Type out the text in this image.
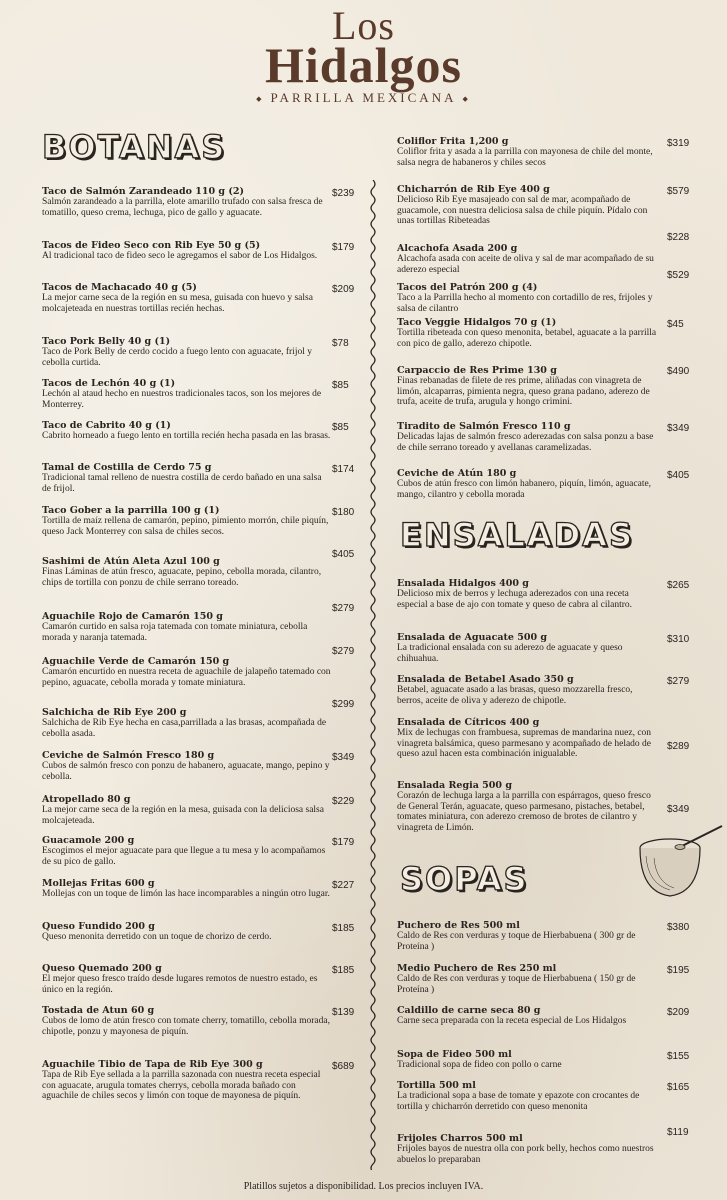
Los
Hidalgos
◆ PARRILLA MEXICANA ◆
BOTANAS
ENSALADAS
SOPAS
Taco de Salmón Zarandeado 110 g (2)
Salmón zarandeado a la parrilla, elote amarillo trufado con salsa fresca de tomatillo, queso crema, lechuga, pico de gallo y aguacate.
$239
Tacos de Fideo Seco con Rib Eye 50 g (5)
Al tradicional taco de fideo seco le agregamos el sabor de Los Hidalgos.
$179
Tacos de Machacado 40 g (5)
La mejor carne seca de la región en su mesa, guisada con huevo y salsa molcajeteada en nuestras tortillas recién hechas.
$209
Taco Pork Belly 40 g (1)
Taco de Pork Belly de cerdo cocido a fuego lento con aguacate, frijol y cebolla curtida.
$78
Tacos de Lechón 40 g (1)
Lechón al ataud hecho en nuestros tradicionales tacos, son los mejores de Monterrey.
$85
Taco de Cabrito 40 g (1)
Cabrito horneado a fuego lento en tortilla recién hecha pasada en las brasas.
$85
Tamal de Costilla de Cerdo 75 g
Tradicional tamal relleno de nuestra costilla de cerdo bañado en una salsa de frijol.
$174
Taco Gober a la parrilla 100 g (1)
Tortilla de maíz rellena de camarón, pepino, pimiento morrón, chile piquín, queso Jack Monterrey con salsa de chiles secos.
$180
Sashimi de Atún Aleta Azul 100 g
Finas Láminas de atún fresco, aguacate, pepino, cebolla morada, cilantro, chips de tortilla con ponzu de chile serrano toreado.
$405
Aguachile Rojo de Camarón 150 g
Camarón curtido en salsa roja tatemada con tomate miniatura, cebolla morada y naranja tatemada.
$279
Aguachile Verde de Camarón 150 g
Camarón encurtido en nuestra receta de aguachile de jalapeño tatemado con pepino, aguacate, cebolla morada y tomate miniatura.
$279
Salchicha de Rib Eye 200 g
Salchicha de Rib Eye hecha en casa,parrillada a las brasas, acompañada de cebolla asada.
$299
Ceviche de Salmón Fresco 180 g
Cubos de salmón fresco con ponzu de habanero, aguacate, mango, pepino y cebolla.
$349
Atropellado 80 g
La mejor carne seca de la región en la mesa, guisada con la deliciosa salsa molcajeteada.
$229
Guacamole 200 g
Escogimos el mejor aguacate para que llegue a tu mesa y lo acompañamos de su pico de gallo.
$179
Mollejas Fritas 600 g
Mollejas con un toque de limón las hace incomparables a ningún otro lugar.
$227
Queso Fundido 200 g
Queso menonita derretido con un toque de chorizo de cerdo.
$185
Queso Quemado 200 g
El mejor queso fresco traído desde lugares remotos de nuestro estado, es único en la región.
$185
Tostada de Atun 60 g
Cubos de lomo de atún fresco con tomate cherry, tomatillo, cebolla morada, chipotle, ponzu y mayonesa de piquín.
$139
Aguachile Tibio de Tapa de Rib Eye 300 g
Tapa de Rib Eye sellada a la parrilla sazonada con nuestra receta especial con aguacate, arugula tomates cherrys, cebolla morada bañado con aguachile de chiles secos y limón con toque de mayonesa de piquín.
$689
Coliflor Frita 1,200 g
Coliflor frita y asada a la parrilla con mayonesa de chile del monte, salsa negra de habaneros y chiles secos
$319
Chicharrón de Rib Eye 400 g
Delicioso Rib Eye masajeado con sal de mar, acompañado de guacamole, con nuestra deliciosa salsa de chile piquín. Pídalo con unas tortillas Ribeteadas
$579
Alcachofa Asada 200 g
Alcachofa asada con aceite de oliva y sal de mar acompañado de su aderezo especial
$228
Tacos del Patrón 200 g (4)
Taco a la Parrilla hecho al momento con cortadillo de res, frijoles y salsa de cilantro
$529
Taco Veggie Hidalgos 70 g (1)
Tortilla ribeteada con queso menonita, betabel, aguacate a la parrilla con pico de gallo, aderezo chipotle.
$45
Carpaccio de Res Prime 130 g
Finas rebanadas de filete de res prime, aliñadas con vinagreta de limón, alcaparras, pimienta negra, queso grana padano, aderezo de trufa, aceite de trufa, arugula y hongo crimini.
$490
Tiradito de Salmón Fresco 110 g
Delicadas lajas de salmón fresco aderezadas con salsa ponzu a base de chile serrano toreado y avellanas caramelizadas.
$349
Ceviche de Atún 180 g
Cubos de atún fresco con limón habanero, piquín, limón, aguacate, mango, cilantro y cebolla morada
$405
Ensalada Hidalgos 400 g
Delicioso mix de berros y lechuga aderezados con una receta especial a base de ajo con tomate y queso de cabra al cilantro.
$265
Ensalada de Aguacate 500 g
La tradicional ensalada con su aderezo de aguacate y queso chihuahua.
$310
Ensalada de Betabel Asado 350 g
Betabel, aguacate asado a las brasas, queso mozzarella fresco, berros, aceite de oliva y aderezo de chipotle.
$279
Ensalada de Cítricos 400 g
Mix de lechugas con frambuesa, supremas de mandarina nuez, con vinagreta balsámica, queso parmesano y acompañado de helado de queso azul hacen esta combinación inigualable.
$289
Ensalada Regia 500 g
Corazón de lechuga larga a la parrilla con espárragos, queso fresco de General Terán, aguacate, queso parmesano, pistaches, betabel, tomates miniatura, con aderezo cremoso de brotes de cilantro y vinagreta de Limón.
$349
Puchero de Res 500 ml
Caldo de Res con verduras y toque de Hierbabuena ( 300 gr de Proteína )
$380
Medio Puchero de Res 250 ml
Caldo de Res con verduras y toque de Hierbabuena ( 150 gr de Proteína )
$195
Caldillo de carne seca 80 g
Carne seca preparada con la receta especial de Los Hidalgos
$209
Sopa de Fideo 500 ml
Tradicional sopa de fideo con pollo o carne
$155
Tortilla 500 ml
La tradicional sopa a base de tomate y epazote con crocantes de tortilla y chicharrón derretido con queso menonita
$165
Frijoles Charros 500 ml
Frijoles bayos de nuestra olla con pork belly, hechos como nuestros abuelos lo preparaban
$119
Platillos sujetos a disponibilidad. Los precios incluyen IVA.
